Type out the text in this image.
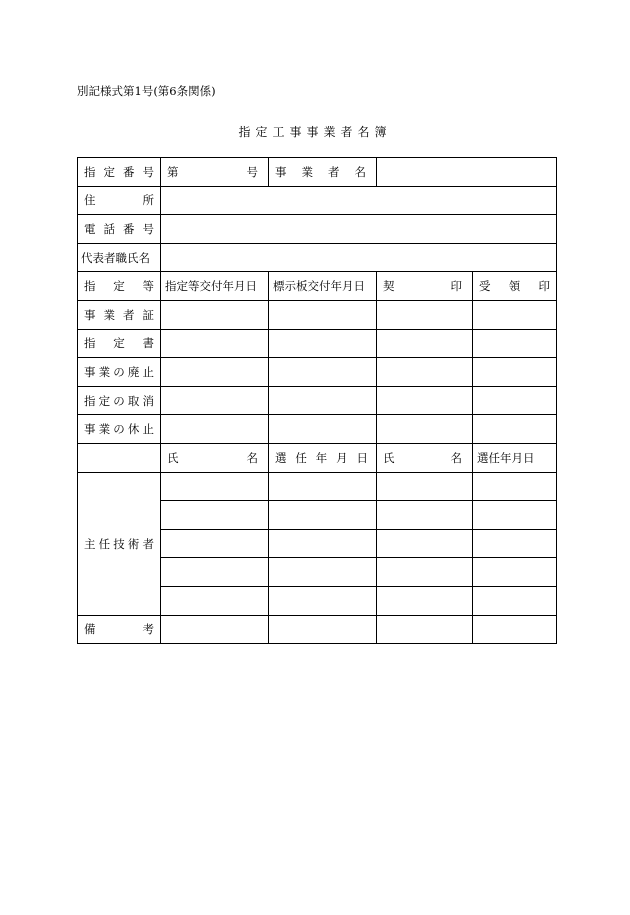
別記様式第1号(第6条関係)
指定工事事業者名簿
指 定 番 号	第 号	事 業 者 名		

住 所				

電 話 番 号				

代表者職氏名				

指 定 等	指定等交付年月日	標示板交付年月日	契 印	受 領 印

事 業 者 証				

指 定 書				

事 業 の 廃 止				

指 定 の 取 消				

事 業 の 休 止				

	氏 名	選 任 年 月 日	氏 名	選任年月日

主 任 技 術 者				

備 考				
